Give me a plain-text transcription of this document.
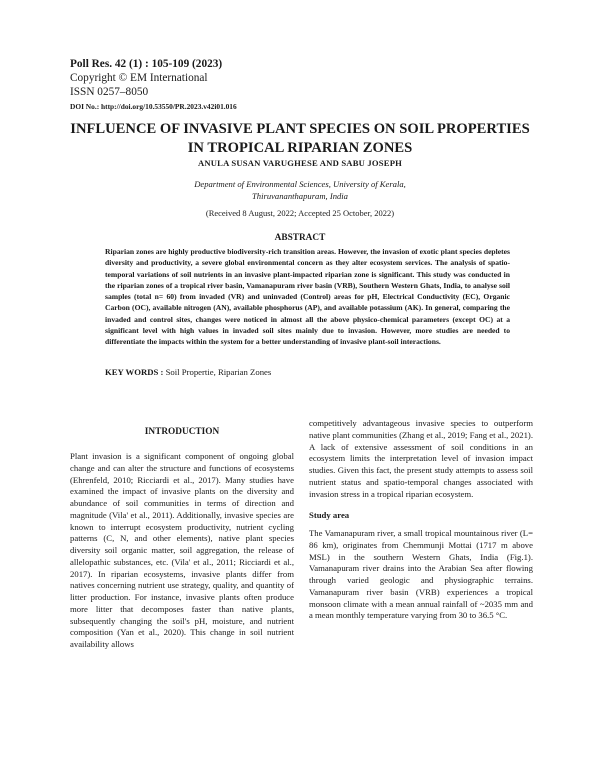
Poll Res. 42 (1) : 105-109 (2023)
Copyright © EM International
ISSN 0257–8050
DOI No.: http://doi.org/10.53550/PR.2023.v42i01.016
INFLUENCE OF INVASIVE PLANT SPECIES ON SOIL PROPERTIES
IN TROPICAL RIPARIAN ZONES
ANULA SUSAN VARUGHESE AND SABU JOSEPH
Department of Environmental Sciences, University of Kerala,
Thiruvananthapuram, India
(Received 8 August, 2022; Accepted 25 October, 2022)
ABSTRACT

Riparian zones are highly productive biodiversity-rich transition areas. However, the invasion of exotic plant species depletes diversity and productivity, a severe global environmental concern as they alter ecosystem services. The analysis of spatio-temporal variations of soil nutrients in an invasive plant-impacted riparian zone is significant. This study was conducted in the riparian zones of a tropical river basin, Vamanapuram river basin (VRB), Southern Western Ghats, India, to analyse soil samples (total n= 60) from invaded (VR) and uninvaded (Control) areas for pH, Electrical Conductivity (EC), Organic Carbon (OC), available nitrogen (AN), available phosphorus (AP), and available potassium (AK). In general, comparing the invaded and control sites, changes were noticed in almost all the above physico-chemical parameters (except OC) at a significant level with high values in invaded soil sites mainly due to invasion. However, more studies are needed to differentiate the impacts within the system for a better understanding of invasive plant-soil interactions.

KEY WORDS : Soil Propertie, Riparian Zones
INTRODUCTION

Plant invasion is a significant component of ongoing global change and can alter the structure and functions of ecosystems (Ehrenfeld, 2010; Ricciardi et al., 2017). Many studies have examined the impact of invasive plants on the diversity and abundance of soil communities in terms of direction and magnitude (Vila' et al., 2011). Additionally, invasive species are known to interrupt ecosystem productivity, nutrient cycling patterns (C, N, and other elements), native plant species diversity soil organic matter, soil aggregation, the release of allelopathic substances, etc. (Vila' et al., 2011; Ricciardi et al., 2017). In riparian ecosystems, invasive plants differ from natives concerning nutrient use strategy, quality, and quantity of litter production. For instance, invasive plants often produce more litter that decomposes faster than native plants, subsequently changing the soil's pH, moisture, and nutrient composition (Yan et al., 2020). This change in soil nutrient availability allows

competitively advantageous invasive species to outperform native plant communities (Zhang et al., 2019; Fang et al., 2021). A lack of extensive assessment of soil conditions in an ecosystem limits the interpretation level of invasion impact studies. Given this fact, the present study attempts to assess soil nutrient status and spatio-temporal changes associated with invasion stress in a tropical riparian ecosystem.

Study area

The Vamanapuram river, a small tropical mountainous river (L= 86 km), originates from Chemmunji Mottai (1717 m above MSL) in the southern Western Ghats, India (Fig.1). Vamanapuram river drains into the Arabian Sea after flowing through varied geologic and physiographic terrains. Vamanapuram river basin (VRB) experiences a tropical monsoon climate with a mean annual rainfall of ~2035 mm and a mean monthly temperature varying from 30 to 36.5 °C.
